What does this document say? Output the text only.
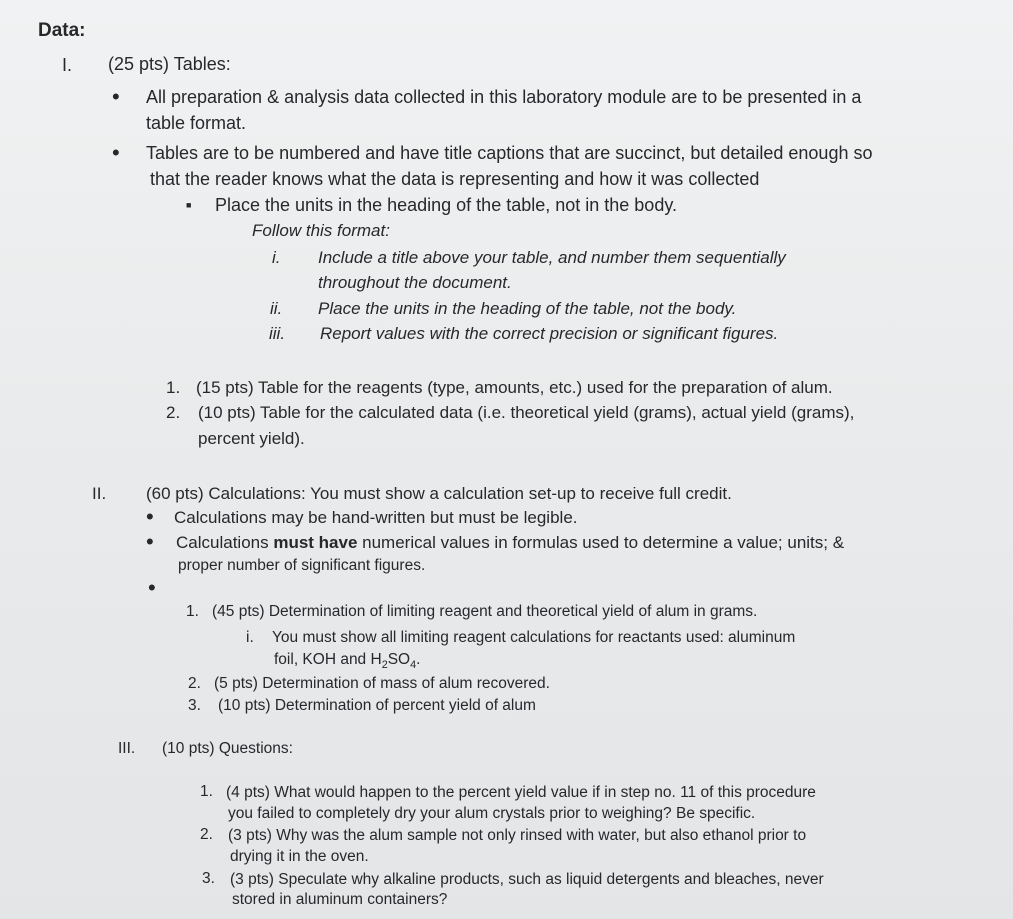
Data:
I. (25 pts) Tables:
• All preparation & analysis data collected in this laboratory module are to be presented in a
table format.
• Tables are to be numbered and have title captions that are succinct, but detailed enough so
that the reader knows what the data is representing and how it was collected
■ Place the units in the heading of the table, not in the body.
Follow this format:
i. Include a title above your table, and number them sequentially
throughout the document.
ii. Place the units in the heading of the table, not the body.
iii. Report values with the correct precision or significant figures.
1. (15 pts) Table for the reagents (type, amounts, etc.) used for the preparation of alum.
2. (10 pts) Table for the calculated data (i.e. theoretical yield (grams), actual yield (grams),
percent yield).
II. (60 pts) Calculations: You must show a calculation set-up to receive full credit.
• Calculations may be hand-written but must be legible.
• Calculations must have numerical values in formulas used to determine a value; units; &
proper number of significant figures.
•
1. (45 pts) Determination of limiting reagent and theoretical yield of alum in grams.
i. You must show all limiting reagent calculations for reactants used: aluminum
foil, KOH and $H_2SO_4$.
2. (5 pts) Determination of mass of alum recovered.
3. (10 pts) Determination of percent yield of alum
III. (10 pts) Questions:
1. (4 pts) What would happen to the percent yield value if in step no. 11 of this procedure
you failed to completely dry your alum crystals prior to weighing? Be specific.
2. (3 pts) Why was the alum sample not only rinsed with water, but also ethanol prior to
drying it in the oven.
3. (3 pts) Speculate why alkaline products, such as liquid detergents and bleaches, never
stored in aluminum containers?
